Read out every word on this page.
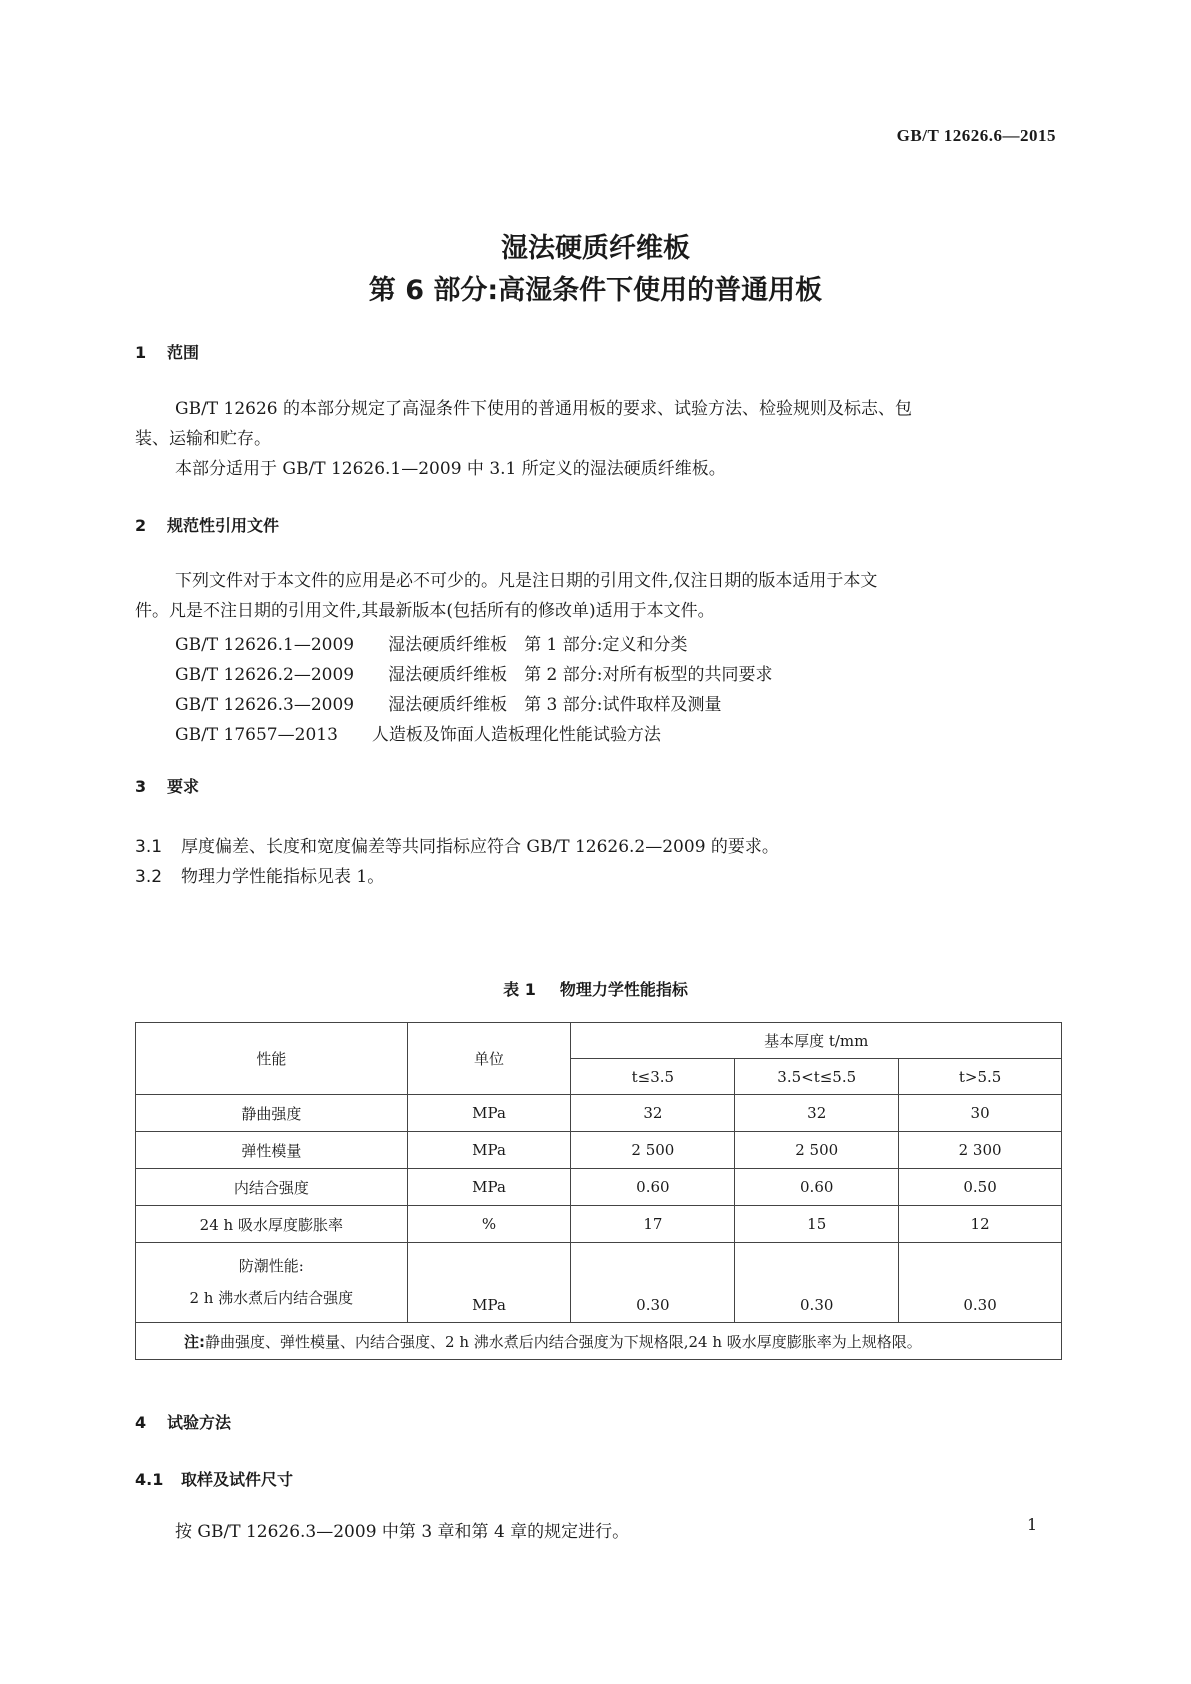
GB/T 12626.6—2015
湿法硬质纤维板
第 6 部分:高湿条件下使用的普通用板
1 范围
GB/T 12626 的本部分规定了高湿条件下使用的普通用板的要求、试验方法、检验规则及标志、包
装、运输和贮存。
本部分适用于 GB/T 12626.1—2009 中 3.1 所定义的湿法硬质纤维板。
2 规范性引用文件
下列文件对于本文件的应用是必不可少的。凡是注日期的引用文件,仅注日期的版本适用于本文
件。凡是不注日期的引用文件,其最新版本(包括所有的修改单)适用于本文件。
GB/T 12626.1—2009　　 湿法硬质纤维板　第 1 部分:定义和分类
GB/T 12626.2—2009　　 湿法硬质纤维板　第 2 部分:对所有板型的共同要求
GB/T 12626.3—2009　　 湿法硬质纤维板　第 3 部分:试件取样及测量
GB/T 17657—2013　　 人造板及饰面人造板理化性能试验方法
3 要求
3.1 厚度偏差、长度和宽度偏差等共同指标应符合 GB/T 12626.2—2009 的要求。
3.2 物理力学性能指标见表 1。
表 1 物理力学性能指标
性能	单位	基本厚度 t/mm		
		t≤3.5	3.5<t≤5.5	t>5.5
静曲强度	MPa	32	32	30
弹性模量	MPa	2 500	2 500	2 300
内结合强度	MPa	0.60	0.60	0.50
24 h 吸水厚度膨胀率	%	17	15	12

防潮性能:
2 h 沸水煮后内结合强度	MPa	0.30	0.30	0.30
注:静曲强度、弹性模量、内结合强度、2 h 沸水煮后内结合强度为下规格限,24 h 吸水厚度膨胀率为上规格限。				
4 试验方法
4.1 取样及试件尺寸
按 GB/T 12626.3—2009 中第 3 章和第 4 章的规定进行。	1
